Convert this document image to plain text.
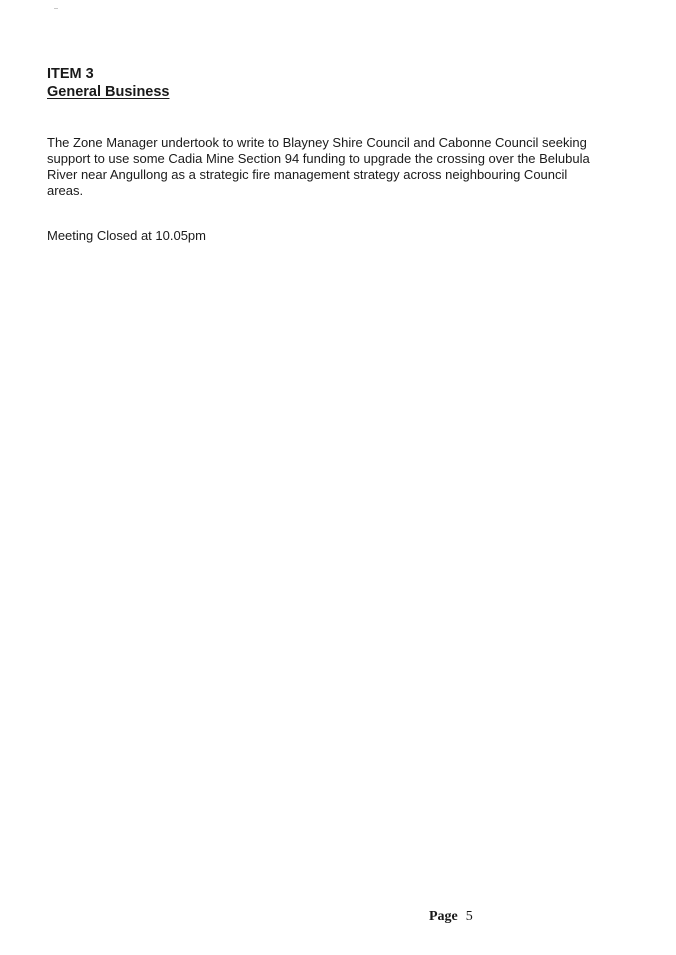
ITEM 3
General Business

The Zone Manager undertook to write to Blayney Shire Council and Cabonne Council seeking
support to use some Cadia Mine Section 94 funding to upgrade the crossing over the Belubula
River near Angullong as a strategic fire management strategy across neighbouring Council
areas.

Meeting Closed at 10.05pm

Page 5
